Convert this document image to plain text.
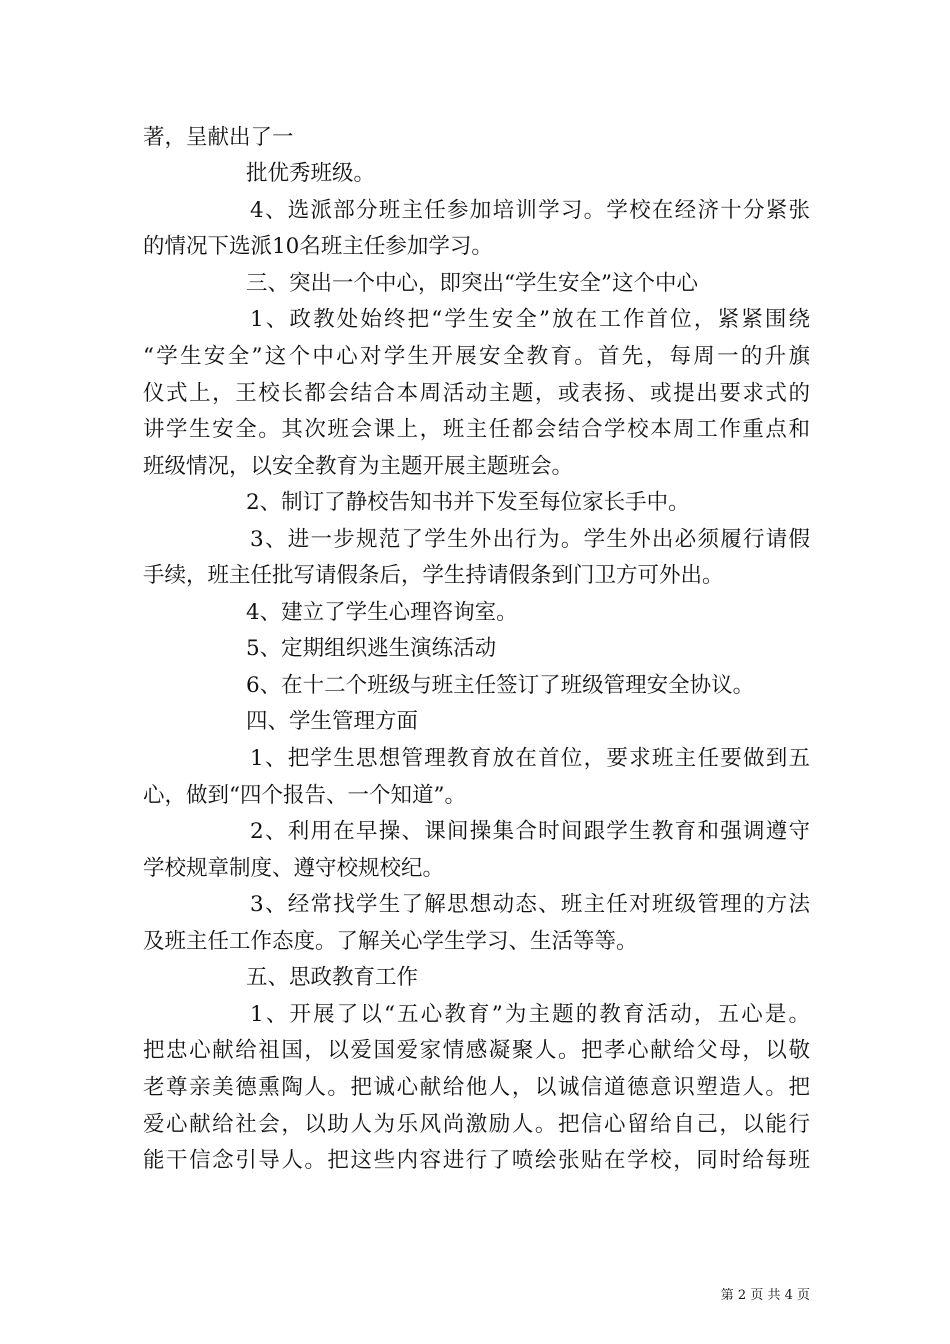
著，呈献出了一
批优秀班级。
4、选派部分班主任参加培训学习。学校在经济十分紧张
的情况下选派10名班主任参加学习。
三、突出一个中心，即突出“学生安全”这个中心
1、政教处始终把“学生安全”放在工作首位，紧紧围绕
“学生安全”这个中心对学生开展安全教育。首先，每周一的升旗
仪式上，王校长都会结合本周活动主题，或表扬、或提出要求式的
讲学生安全。其次班会课上，班主任都会结合学校本周工作重点和
班级情况，以安全教育为主题开展主题班会。
2、制订了静校告知书并下发至每位家长手中。
3、进一步规范了学生外出行为。学生外出必须履行请假
手续，班主任批写请假条后，学生持请假条到门卫方可外出。
4、建立了学生心理咨询室。
5、定期组织逃生演练活动
6、在十二个班级与班主任签订了班级管理安全协议。
四、学生管理方面
1、把学生思想管理教育放在首位，要求班主任要做到五
心，做到“四个报告、一个知道”。
2、利用在早操、课间操集合时间跟学生教育和强调遵守
学校规章制度、遵守校规校纪。
3、经常找学生了解思想动态、班主任对班级管理的方法
及班主任工作态度。了解关心学生学习、生活等等。
五、思政教育工作
1、开展了以“五心教育”为主题的教育活动，五心是。
把忠心献给祖国，以爱国爱家情感凝聚人。把孝心献给父母，以敬
老尊亲美德熏陶人。把诚心献给他人，以诚信道德意识塑造人。把
爱心献给社会，以助人为乐风尚激励人。把信心留给自己，以能行
能干信念引导人。把这些内容进行了喷绘张贴在学校，同时给每班
第 2 页 共 4 页
